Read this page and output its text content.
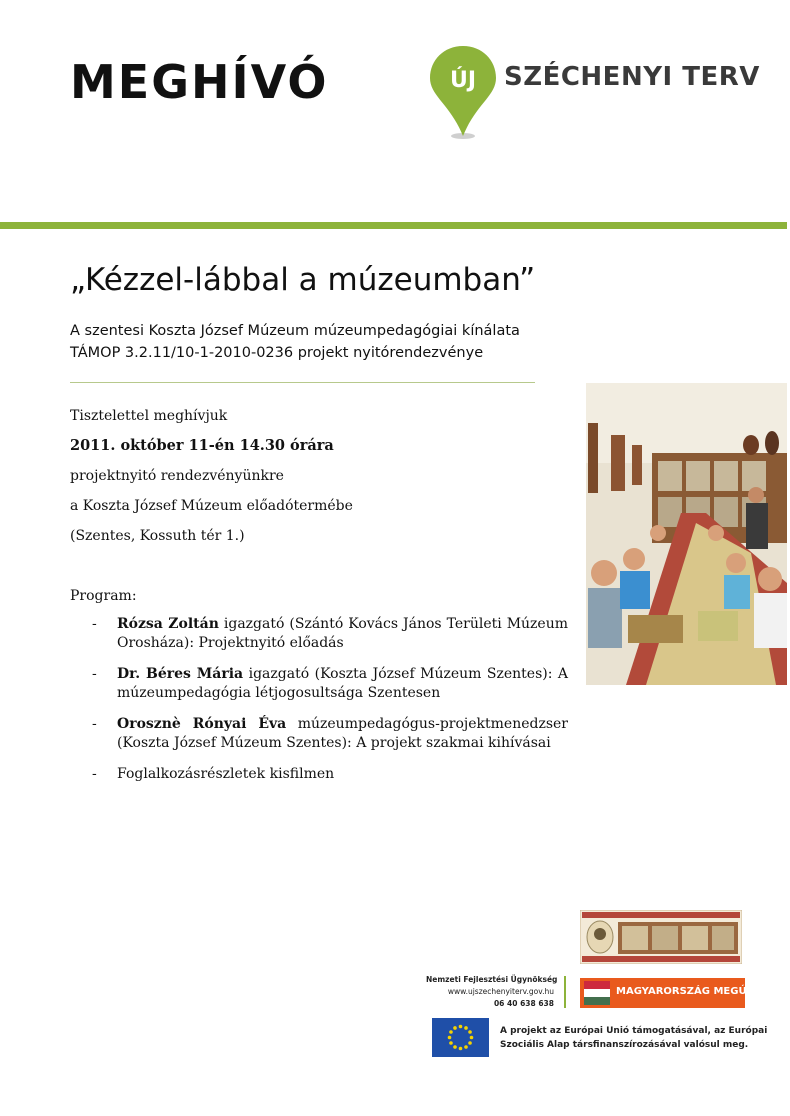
MEGHÍVÓ	ÚJ SZÉCHENYI TERV
„Kézzel-lábbal a múzeumban”
A szentesi Koszta József Múzeum múzeumpedagógiai kínálata
TÁMOP 3.2.11/10-1-2010-0236 projekt nyitórendezvénye
Tisztelettel meghívjuk
2011. október 11-én 14.30 órára
projektnyitó rendezvényünkre
a Koszta József Múzeum előadótermébe
(Szentes, Kossuth tér 1.)
Program:
-	Rózsa Zoltán igazgató (Szántó Kovács János Területi Múzeum Orosháza): Projektnyitó előadás
-	Dr. Béres Mária igazgató (Koszta József Múzeum Szentes): A múzeumpedagógia létjogosultsága Szentesen
-	Orosznè Rónyai Éva múzeumpedagógus-projektmenedzser (Koszta József Múzeum Szentes): A projekt szakmai kihívásai
-	Foglalkozásrészletek kisfilmen
Nemzeti Fejlesztési Ügynökség
www.ujszechenyiterv.gov.hu
06 40 638 638
MAGYARORSZÁG MEGÚJUL
A projekt az Európai Unió támogatásával, az Európai
Szociális Alap társfinanszírozásával valósul meg.
